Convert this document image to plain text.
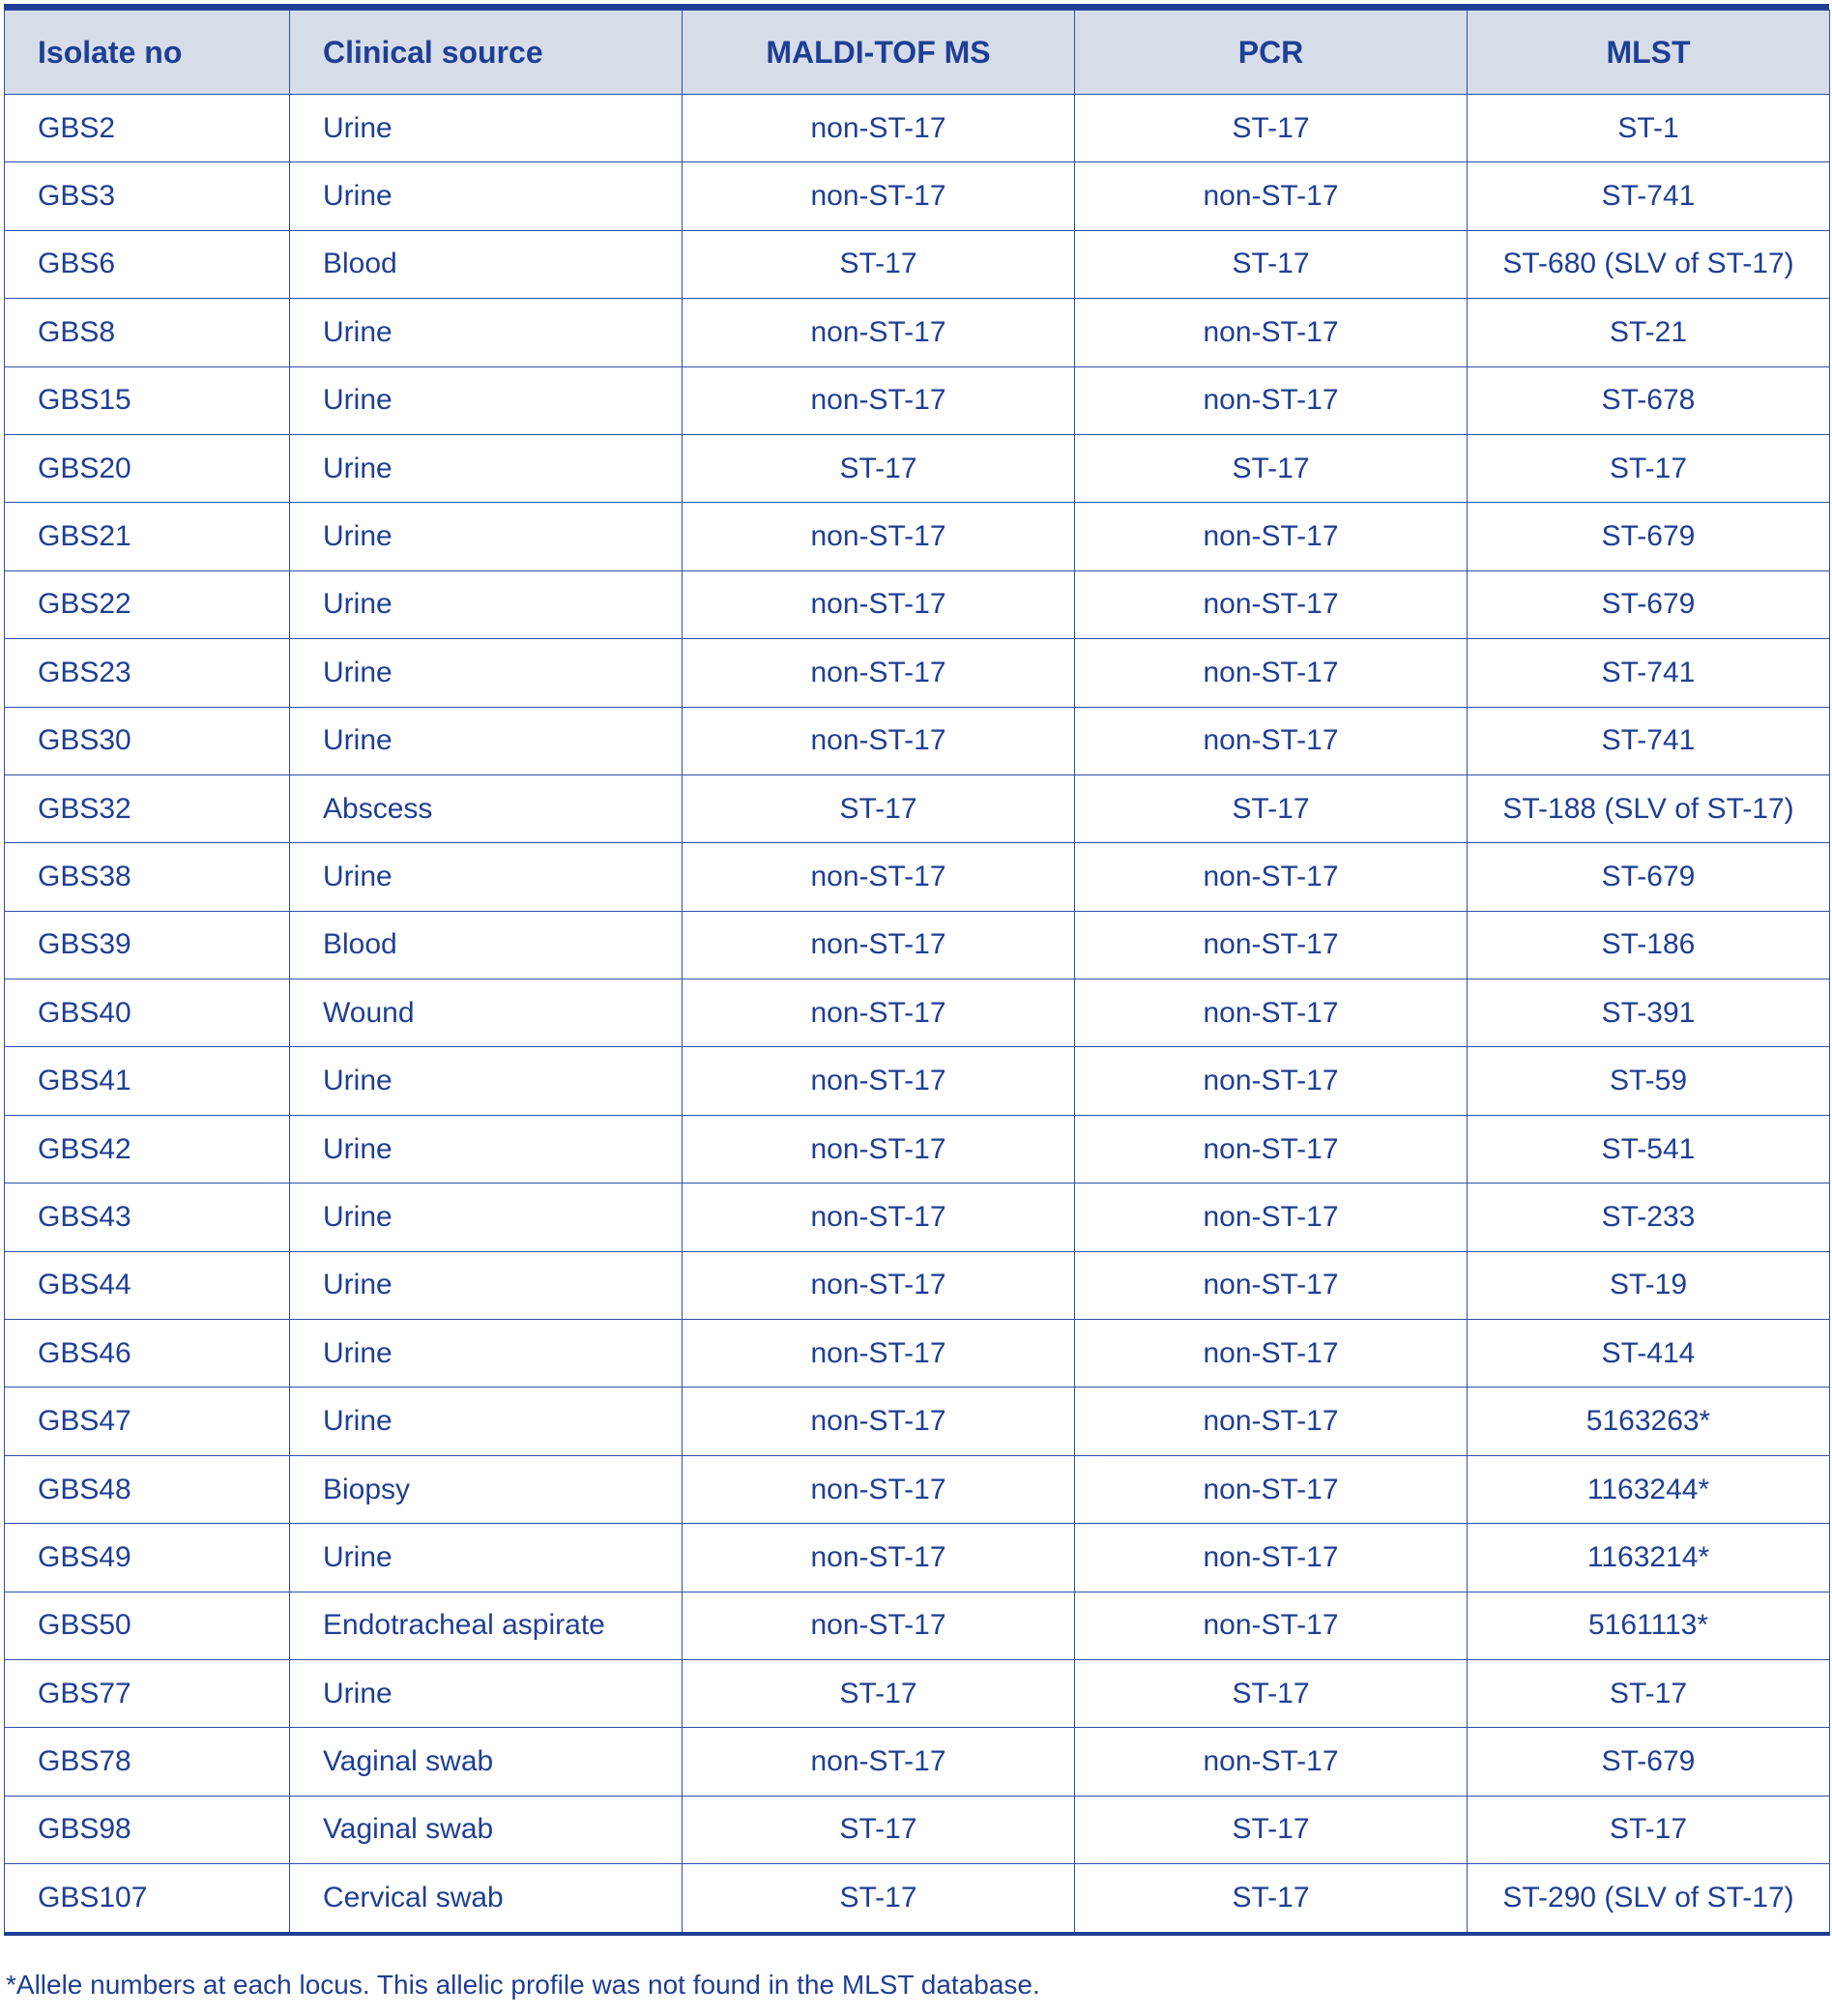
Isolate no	Clinical source	MALDI-TOF MS	PCR	MLST
GBS2	Urine	non-ST-17	ST-17	ST-1
GBS3	Urine	non-ST-17	non-ST-17	ST-741
GBS6	Blood	ST-17	ST-17	ST-680 (SLV of ST-17)
GBS8	Urine	non-ST-17	non-ST-17	ST-21
GBS15	Urine	non-ST-17	non-ST-17	ST-678
GBS20	Urine	ST-17	ST-17	ST-17
GBS21	Urine	non-ST-17	non-ST-17	ST-679
GBS22	Urine	non-ST-17	non-ST-17	ST-679
GBS23	Urine	non-ST-17	non-ST-17	ST-741
GBS30	Urine	non-ST-17	non-ST-17	ST-741
GBS32	Abscess	ST-17	ST-17	ST-188 (SLV of ST-17)
GBS38	Urine	non-ST-17	non-ST-17	ST-679
GBS39	Blood	non-ST-17	non-ST-17	ST-186
GBS40	Wound	non-ST-17	non-ST-17	ST-391
GBS41	Urine	non-ST-17	non-ST-17	ST-59
GBS42	Urine	non-ST-17	non-ST-17	ST-541
GBS43	Urine	non-ST-17	non-ST-17	ST-233
GBS44	Urine	non-ST-17	non-ST-17	ST-19
GBS46	Urine	non-ST-17	non-ST-17	ST-414
GBS47	Urine	non-ST-17	non-ST-17	5163263*
GBS48	Biopsy	non-ST-17	non-ST-17	1163244*
GBS49	Urine	non-ST-17	non-ST-17	1163214*
GBS50	Endotracheal aspirate	non-ST-17	non-ST-17	5161113*
GBS77	Urine	ST-17	ST-17	ST-17
GBS78	Vaginal swab	non-ST-17	non-ST-17	ST-679
GBS98	Vaginal swab	ST-17	ST-17	ST-17
GBS107	Cervical swab	ST-17	ST-17	ST-290 (SLV of ST-17)
*Allele numbers at each locus. This allelic profile was not found in the MLST database.
